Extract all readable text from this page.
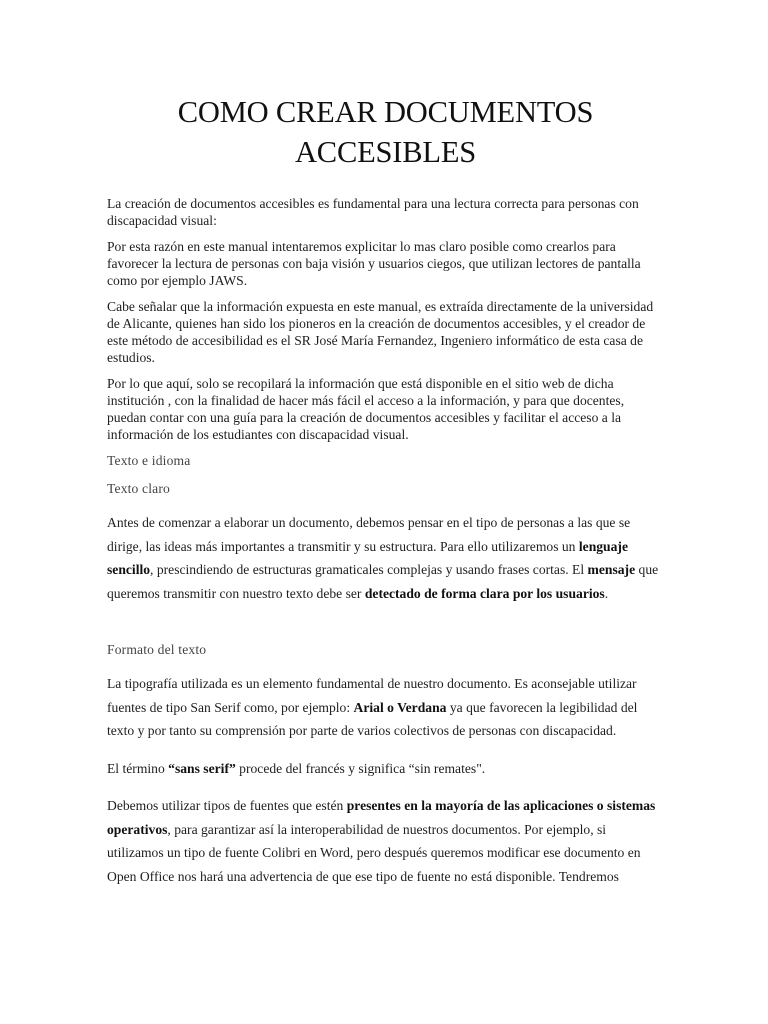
COMO CREAR DOCUMENTOS ACCESIBLES

La creación de documentos accesibles es fundamental para una lectura correcta para personas con discapacidad visual:

Por esta razón en este manual intentaremos explicitar lo mas claro posible como crearlos para favorecer la lectura de personas con baja visión y usuarios ciegos, que utilizan lectores de pantalla como por ejemplo JAWS.

Cabe señalar que la información expuesta en este manual, es extraída directamente de la universidad de Alicante, quienes han sido los pioneros en la creación de documentos accesibles, y el creador de este método de accesibilidad es el SR José María Fernandez, Ingeniero informático de esta casa de estudios.

Por lo que aquí, solo se recopilará la información que está disponible en el sitio web de dicha institución , con la finalidad de hacer más fácil el acceso a la información, y para que docentes, puedan contar con una guía para la creación de documentos accesibles y facilitar el acceso a la información de los estudiantes con discapacidad visual.

Texto e idioma

Texto claro

Antes de comenzar a elaborar un documento, debemos pensar en el tipo de personas a las que se dirige, las ideas más importantes a transmitir y su estructura. Para ello utilizaremos un lenguaje sencillo, prescindiendo de estructuras gramaticales complejas y usando frases cortas. El mensaje que queremos transmitir con nuestro texto debe ser detectado de forma clara por los usuarios.

Formato del texto

La tipografía utilizada es un elemento fundamental de nuestro documento. Es aconsejable utilizar fuentes de tipo San Serif como, por ejemplo: Arial o Verdana ya que favorecen la legibilidad del texto y por tanto su comprensión por parte de varios colectivos de personas con discapacidad.

El término “sans serif” procede del francés y significa “sin remates".

Debemos utilizar tipos de fuentes que estén presentes en la mayoría de las aplicaciones o sistemas operativos, para garantizar así la interoperabilidad de nuestros documentos. Por ejemplo, si utilizamos un tipo de fuente Colibri en Word, pero después queremos modificar ese documento en Open Office nos hará una advertencia de que ese tipo de fuente no está disponible. Tendremos
